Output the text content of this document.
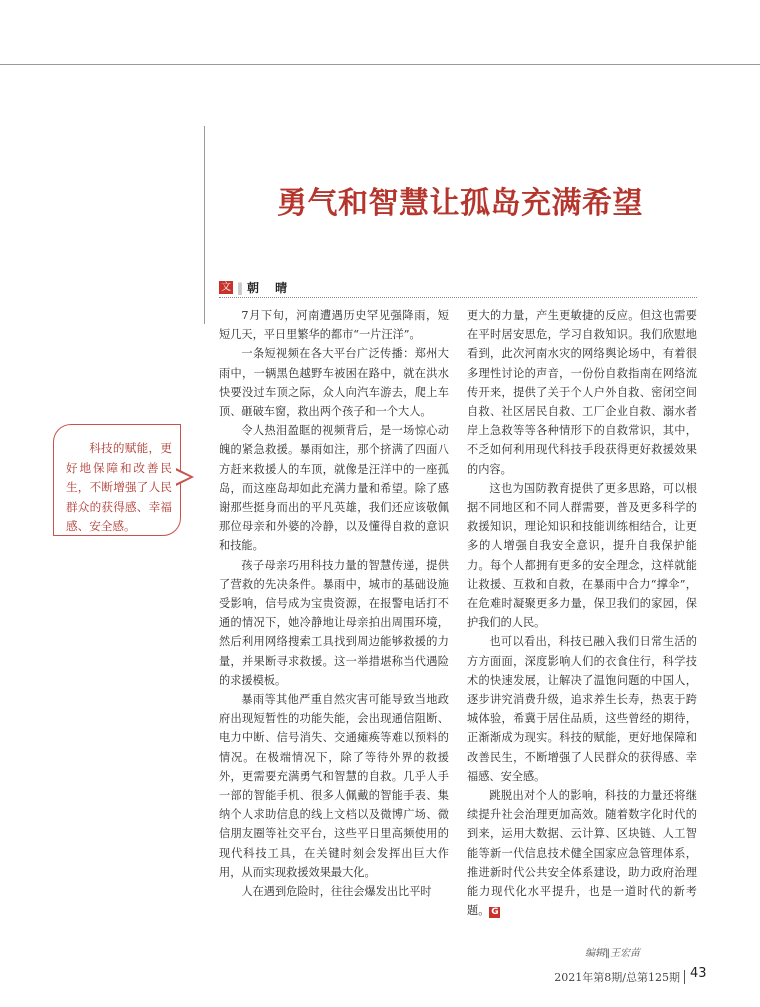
勇气和智慧让孤岛充满希望
文 ‖ 朝 晴

7月下旬，河南遭遇历史罕见强降雨，短短几天，平日里繁华的都市“一片汪洋”。

一条短视频在各大平台广泛传播：郑州大雨中，一辆黑色越野车被困在路中，就在洪水快要没过车顶之际，众人向汽车游去，爬上车顶、砸破车窗，救出两个孩子和一个大人。

令人热泪盈眶的视频背后，是一场惊心动魄的紧急救援。暴雨如注，那个挤满了四面八方赶来救援人的车顶，就像是汪洋中的一座孤岛，而这座岛却如此充满力量和希望。除了感谢那些挺身而出的平凡英雄，我们还应该敬佩那位母亲和外婆的冷静，以及懂得自救的意识和技能。

孩子母亲巧用科技力量的智慧传递，提供了营救的先决条件。暴雨中，城市的基础设施受影响，信号成为宝贵资源，在报警电话打不通的情况下，她冷静地让母亲拍出周围环境，然后利用网络搜索工具找到周边能够救援的力量，并果断寻求救援。这一举措堪称当代遇险的求援模板。

暴雨等其他严重自然灾害可能导致当地政府出现短暂性的功能失能，会出现通信阻断、电力中断、信号消失、交通瘫痪等难以预料的情况。在极端情况下，除了等待外界的救援外，更需要充满勇气和智慧的自救。几乎人手一部的智能手机、很多人佩戴的智能手表、集纳个人求助信息的线上文档以及微博广场、微信朋友圈等社交平台，这些平日里高频使用的现代科技工具，在关键时刻会发挥出巨大作用，从而实现救援效果最大化。

人在遇到危险时，往往会爆发出比平时

更大的力量，产生更敏捷的反应。但这也需要在平时居安思危，学习自救知识。我们欣慰地看到，此次河南水灾的网络舆论场中，有着很多理性讨论的声音，一份份自救指南在网络流传开来，提供了关于个人户外自救、密闭空间自救、社区居民自救、工厂企业自救、溺水者岸上急救等等各种情形下的自救常识，其中，不乏如何利用现代科技手段获得更好救援效果的内容。

这也为国防教育提供了更多思路，可以根据不同地区和不同人群需要，普及更多科学的救援知识，理论知识和技能训练相结合，让更多的人增强自我安全意识，提升自我保护能力。每个人都拥有更多的安全理念，这样就能让救援、互救和自救，在暴雨中合力“撑伞”，在危难时凝聚更多力量，保卫我们的家园，保护我们的人民。

也可以看出，科技已融入我们日常生活的方方面面，深度影响人们的衣食住行，科学技术的快速发展，让解决了温饱问题的中国人，逐步讲究消费升级，追求养生长寿，热衷于跨城体验，希冀于居住品质，这些曾经的期待，正渐渐成为现实。科技的赋能，更好地保障和改善民生，不断增强了人民群众的获得感、幸福感、安全感。

跳脱出对个人的影响，科技的力量还将继续提升社会治理更加高效。随着数字化时代的到来，运用大数据、云计算、区块链、人工智能等新一代信息技术健全国家应急管理体系，推进新时代公共安全体系建设，助力政府治理能力现代化水平提升，也是一道时代的新考题。 G

科技的赋能，更好地保障和改善民生，不断增强了人民群众的获得感、幸福感、安全感。
编辑‖王宏苗
2021年第8期/总第125期 43
